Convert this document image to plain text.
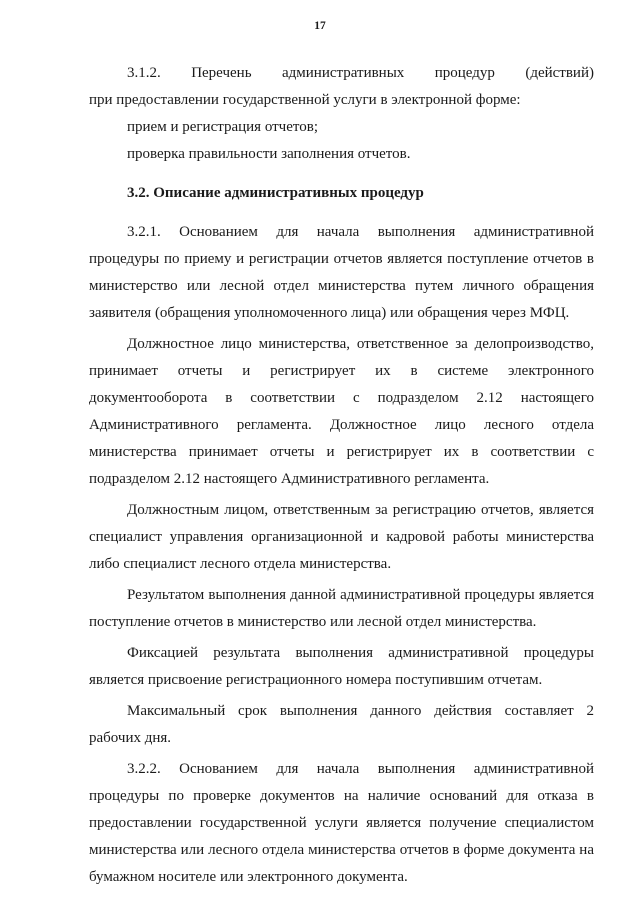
17
3.1.2. Перечень административных процедур (действий)

при предоставлении государственной услуги в электронной форме:

прием и регистрация отчетов;

проверка правильности заполнения отчетов.

3.2. Описание административных процедур

3.2.1. Основанием для начала выполнения административной процедуры по приему и регистрации отчетов является поступление отчетов в министерство или лесной отдел министерства путем личного обращения заявителя (обращения уполномоченного лица) или обращения через МФЦ.

Должностное лицо министерства, ответственное за делопроизводство, принимает отчеты и регистрирует их в системе электронного документооборота в соответствии с подразделом 2.12 настоящего Административного регламента. Должностное лицо лесного отдела министерства принимает отчеты и регистрирует их в соответствии с подразделом 2.12 настоящего Административного регламента.

Должностным лицом, ответственным за регистрацию отчетов, является специалист управления организационной и кадровой работы министерства либо специалист лесного отдела министерства.

Результатом выполнения данной административной процедуры является поступление отчетов в министерство или лесной отдел министерства.

Фиксацией результата выполнения административной процедуры является присвоение регистрационного номера поступившим отчетам.

Максимальный срок выполнения данного действия составляет 2 рабочих дня.

3.2.2. Основанием для начала выполнения административной процедуры по проверке документов на наличие оснований для отказа в предоставлении государственной услуги является получение специалистом министерства или лесного отдела министерства отчетов в форме документа на бумажном носителе или электронного документа.
